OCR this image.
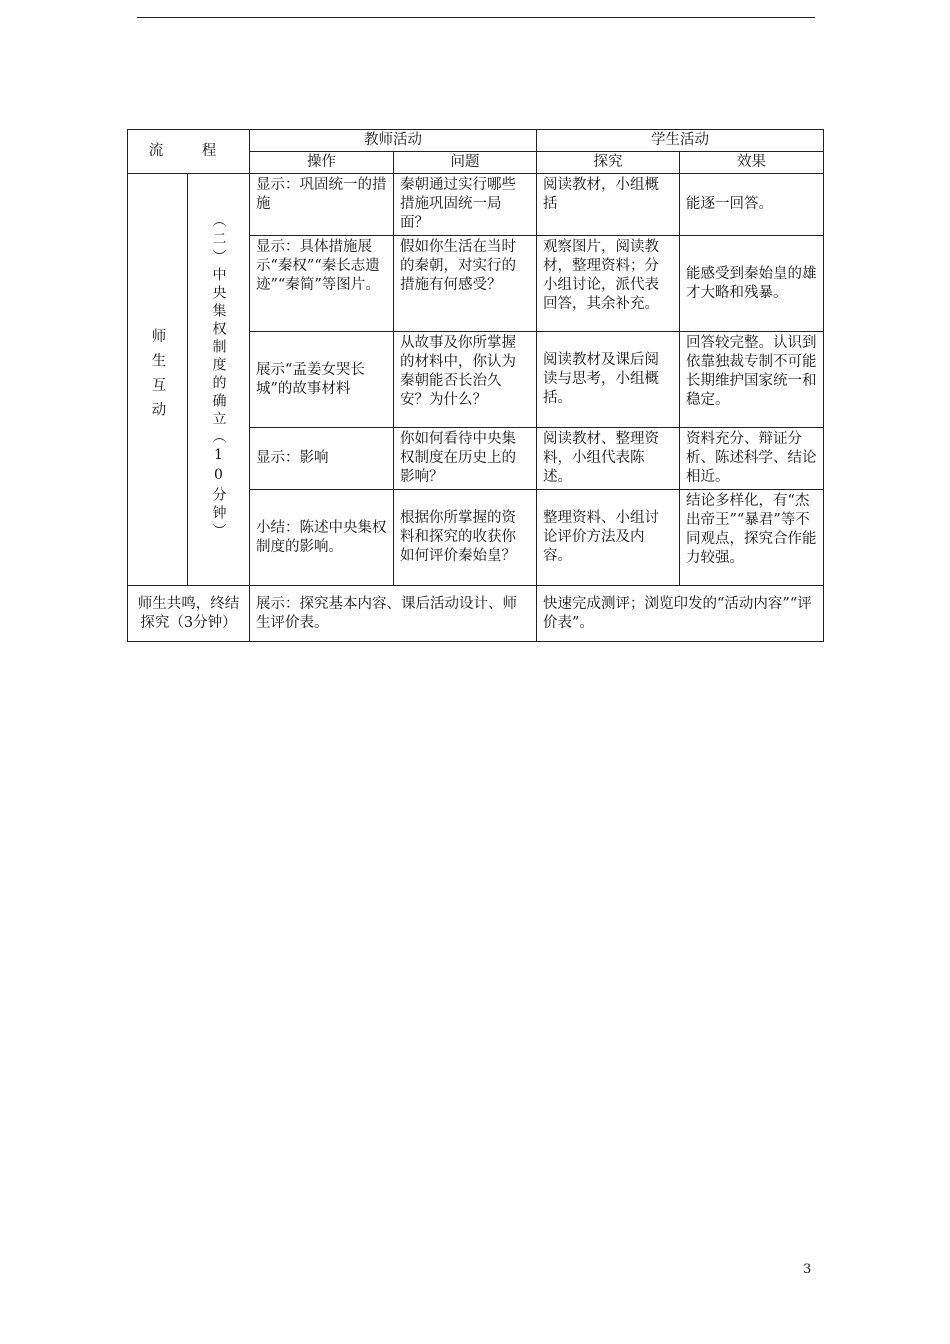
流　程		教师活动		学生活动	
		操作	问题	探究	效果
师生互动	（二）中央集权制度的确立（10分钟）	显示：巩固统一的措施	秦朝通过实行哪些措施巩固统一局面？	阅读教材，小组概括	能逐一回答。
		显示：具体措施展示“秦权”“秦长志遗迹”“秦简”等图片。	假如你生活在当时的秦朝，对实行的措施有何感受？	观察图片，阅读教材，整理资料；分小组讨论，派代表回答，其余补充。	能感受到秦始皇的雄才大略和残暴。
		展示“孟姜女哭长城”的故事材料	从故事及你所掌握的材料中，你认为秦朝能否长治久安？为什么？	阅读教材及课后阅读与思考，小组概括。	回答较完整。认识到依靠独裁专制不可能长期维护国家统一和稳定。
		显示：影响	你如何看待中央集权制度在历史上的影响？	阅读教材、整理资料，小组代表陈述。	资料充分、辩证分析、陈述科学、结论相近。
		小结：陈述中央集权制度的影响。	根据你所掌握的资料和探究的收获你如何评价秦始皇？	整理资料、小组讨论评价方法及内容。	结论多样化，有“杰出帝王”“暴君”等不同观点，探究合作能力较强。
师生共鸣，终结探究（3分钟）		展示：探究基本内容、课后活动设计、师生评价表。		快速完成测评；浏览印发的“活动内容”“评价表”。	
3
